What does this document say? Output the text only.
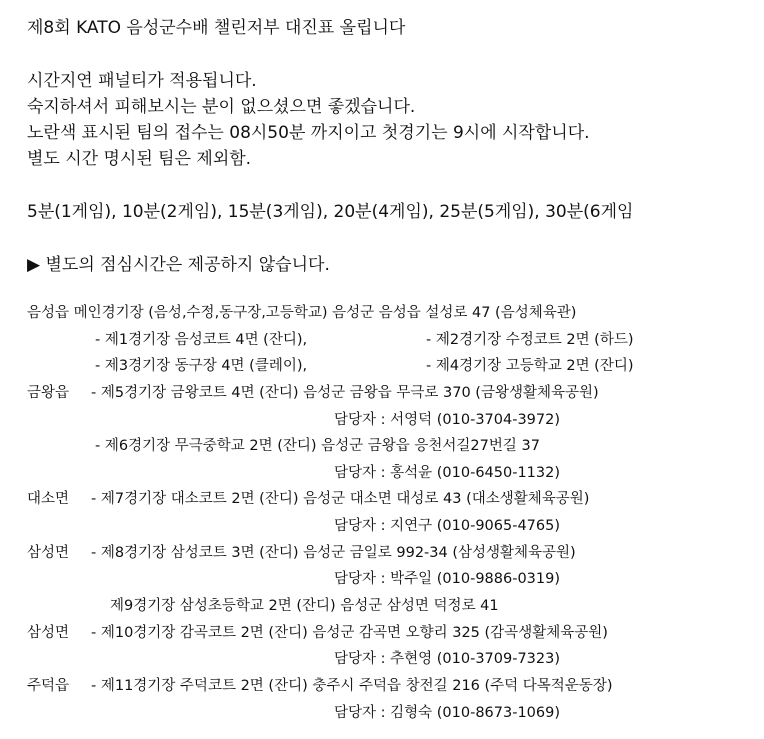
제8회 KATO 음성군수배 챌린저부 대진표 올립니다
시간지연 패널티가 적용됩니다.
숙지하셔서 피해보시는 분이 없으셨으면 좋겠습니다.
노란색 표시된 팀의 접수는 08시50분 까지이고 첫경기는 9시에 시작합니다.
별도 시간 명시된 팀은 제외함.
5분(1게임), 10분(2게임), 15분(3게임), 20분(4게임), 25분(5게임), 30분(6게임
▶ 별도의 점심시간은 제공하지 않습니다.
음성읍 메인경기장 (음성,수정,동구장,고등학교) 음성군 음성읍 설성로 47 (음성체육관)
- 제1경기장 음성코트 4면 (잔디),	- 제2경기장 수정코트 2면 (하드)
- 제3경기장 동구장 4면 (클레이),	- 제4경기장 고등학교 2면 (잔디)
금왕읍 - 제5경기장 금왕코트 4면 (잔디) 음성군 금왕읍 무극로 370 (금왕생활체육공원)
담당자 : 서영덕 (010-3704-3972)
- 제6경기장 무극중학교 2면 (잔디) 음성군 금왕읍 응천서길27번길 37
담당자 : 홍석윤 (010-6450-1132)
대소면 - 제7경기장 대소코트 2면 (잔디) 음성군 대소면 대성로 43 (대소생활체육공원)
담당자 : 지연구 (010-9065-4765)
삼성면 - 제8경기장 삼성코트 3면 (잔디) 음성군 금일로 992-34 (삼성생활체육공원)
담당자 : 박주일 (010-9886-0319)
제9경기장 삼성초등학교 2면 (잔디) 음성군 삼성면 덕정로 41
삼성면 - 제10경기장 감곡코트 2면 (잔디) 음성군 감곡면 오향리 325 (감곡생활체육공원)
담당자 : 추현영 (010-3709-7323)
주덕읍 - 제11경기장 주덕코트 2면 (잔디) 충주시 주덕읍 창전길 216 (주덕 다목적운동장)
담당자 : 김형숙 (010-8673-1069)
